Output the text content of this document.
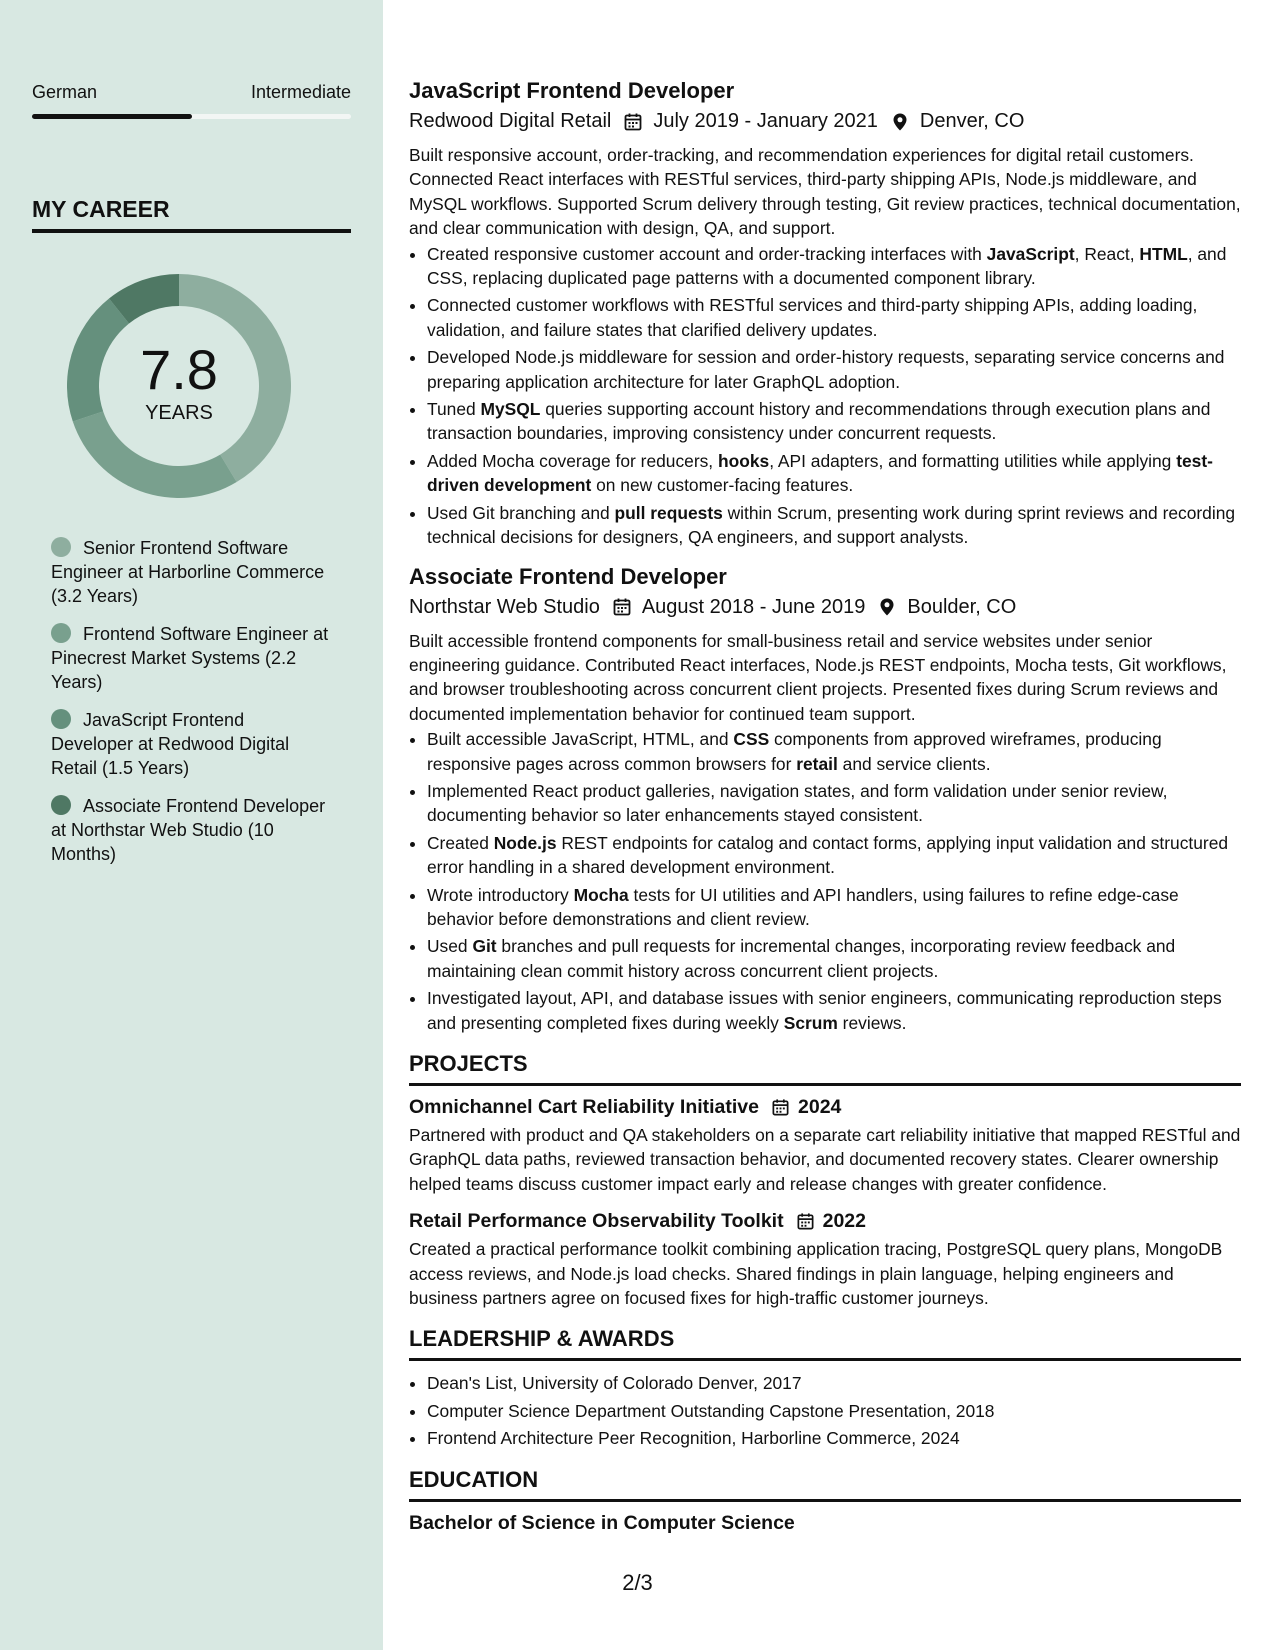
German	Intermediate
MY CAREER
7.8
YEARS
Senior Frontend Software Engineer at Harborline Commerce (3.2 Years)
Frontend Software Engineer at Pinecrest Market Systems (2.2 Years)
JavaScript Frontend Developer at Redwood Digital Retail (1.5 Years)
Associate Frontend Developer at Northstar Web Studio (10 Months)
JavaScript Frontend Developer
Redwood Digital Retail July 2019 - January 2021 Denver, CO

Built responsive account, order-tracking, and recommendation experiences for digital retail customers. Connected React interfaces with RESTful services, third-party shipping APIs, Node.js middleware, and MySQL workflows. Supported Scrum delivery through testing, Git review practices, technical documentation, and clear communication with design, QA, and support.

• Created responsive customer account and order-tracking interfaces with JavaScript, React, HTML, and CSS, replacing duplicated page patterns with a documented component library.
• Connected customer workflows with RESTful services and third-party shipping APIs, adding loading, validation, and failure states that clarified delivery updates.
• Developed Node.js middleware for session and order-history requests, separating service concerns and preparing application architecture for later GraphQL adoption.
• Tuned MySQL queries supporting account history and recommendations through execution plans and transaction boundaries, improving consistency under concurrent requests.
• Added Mocha coverage for reducers, hooks, API adapters, and formatting utilities while applying test-driven development on new customer-facing features.
• Used Git branching and pull requests within Scrum, presenting work during sprint reviews and recording technical decisions for designers, QA engineers, and support analysts.
Associate Frontend Developer
Northstar Web Studio August 2018 - June 2019 Boulder, CO

Built accessible frontend components for small-business retail and service websites under senior engineering guidance. Contributed React interfaces, Node.js REST endpoints, Mocha tests, Git workflows, and browser troubleshooting across concurrent client projects. Presented fixes during Scrum reviews and documented implementation behavior for continued team support.

• Built accessible JavaScript, HTML, and CSS components from approved wireframes, producing responsive pages across common browsers for retail and service clients.
• Implemented React product galleries, navigation states, and form validation under senior review, documenting behavior so later enhancements stayed consistent.
• Created Node.js REST endpoints for catalog and contact forms, applying input validation and structured error handling in a shared development environment.
• Wrote introductory Mocha tests for UI utilities and API handlers, using failures to refine edge-case behavior before demonstrations and client review.
• Used Git branches and pull requests for incremental changes, incorporating review feedback and maintaining clean commit history across concurrent client projects.
• Investigated layout, API, and database issues with senior engineers, communicating reproduction steps and presenting completed fixes during weekly Scrum reviews.
PROJECTS
Omnichannel Cart Reliability Initiative 2024

Partnered with product and QA stakeholders on a separate cart reliability initiative that mapped RESTful and GraphQL data paths, reviewed transaction behavior, and documented recovery states. Clearer ownership helped teams discuss customer impact early and release changes with greater confidence.

Retail Performance Observability Toolkit 2022

Created a practical performance toolkit combining application tracing, PostgreSQL query plans, MongoDB access reviews, and Node.js load checks. Shared findings in plain language, helping engineers and business partners agree on focused fixes for high-traffic customer journeys.

LEADERSHIP & AWARDS
• Dean's List, University of Colorado Denver, 2017
• Computer Science Department Outstanding Capstone Presentation, 2018
• Frontend Architecture Peer Recognition, Harborline Commerce, 2024
EDUCATION
Bachelor of Science in Computer Science
2/3
